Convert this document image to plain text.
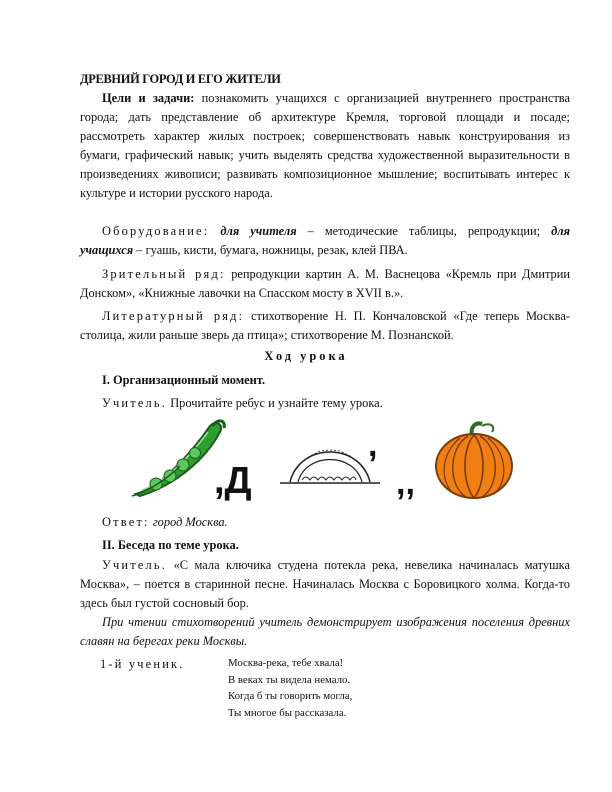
ДРЕВНИЙ ГОРОД И ЕГО ЖИТЕЛИ
Цели и задачи: познакомить учащихся с организацией внутреннего пространства города; дать представление об архитектуре Кремля, торговой площади и посаде; рассмотреть характер жилых построек; совершенствовать навык конструирования из бумаги, графический навык; учить выделять средства художественной выразительности в произведениях живописи; развивать композиционное мышление; воспитывать интерес к культуре и истории русского народа.
Оборудование: для учителя – методические таблицы, репродукции; для учащихся – гуашь, кисти, бумага, ножницы, резак, клей ПВА.
Зрительный ряд: репродукции картин А. М. Васнецова «Кремль при Дмитрии Донском», «Книжные лавочки на Спасском мосту в XVII в.».
Литературный ряд: стихотворение Н. П. Кончаловской «Где теперь Москва-столица, жили раньше зверь да птица»; стихотворение М. Познанской.
Ход урока
I. Организационный момент.
Учитель. Прочитайте ребус и узнайте тему урока.
,Д
,
,,
Ответ: город Москва.
II. Беседа по теме урока.
Учитель. «С мала ключика студена потекла река, невелика начиналась матушка Москва», – поется в старинной песне. Начиналась Москва с Боровицкого холма. Когда-то здесь был густой сосновый бор.
При чтении стихотворений учитель демонстрирует изображения поселения древних славян на берегах реки Москвы.
1-й ученик.	Москва-река, тебе хвала!
В веках ты видела немало.
Когда б ты говорить могла,
Ты многое бы рассказала.
